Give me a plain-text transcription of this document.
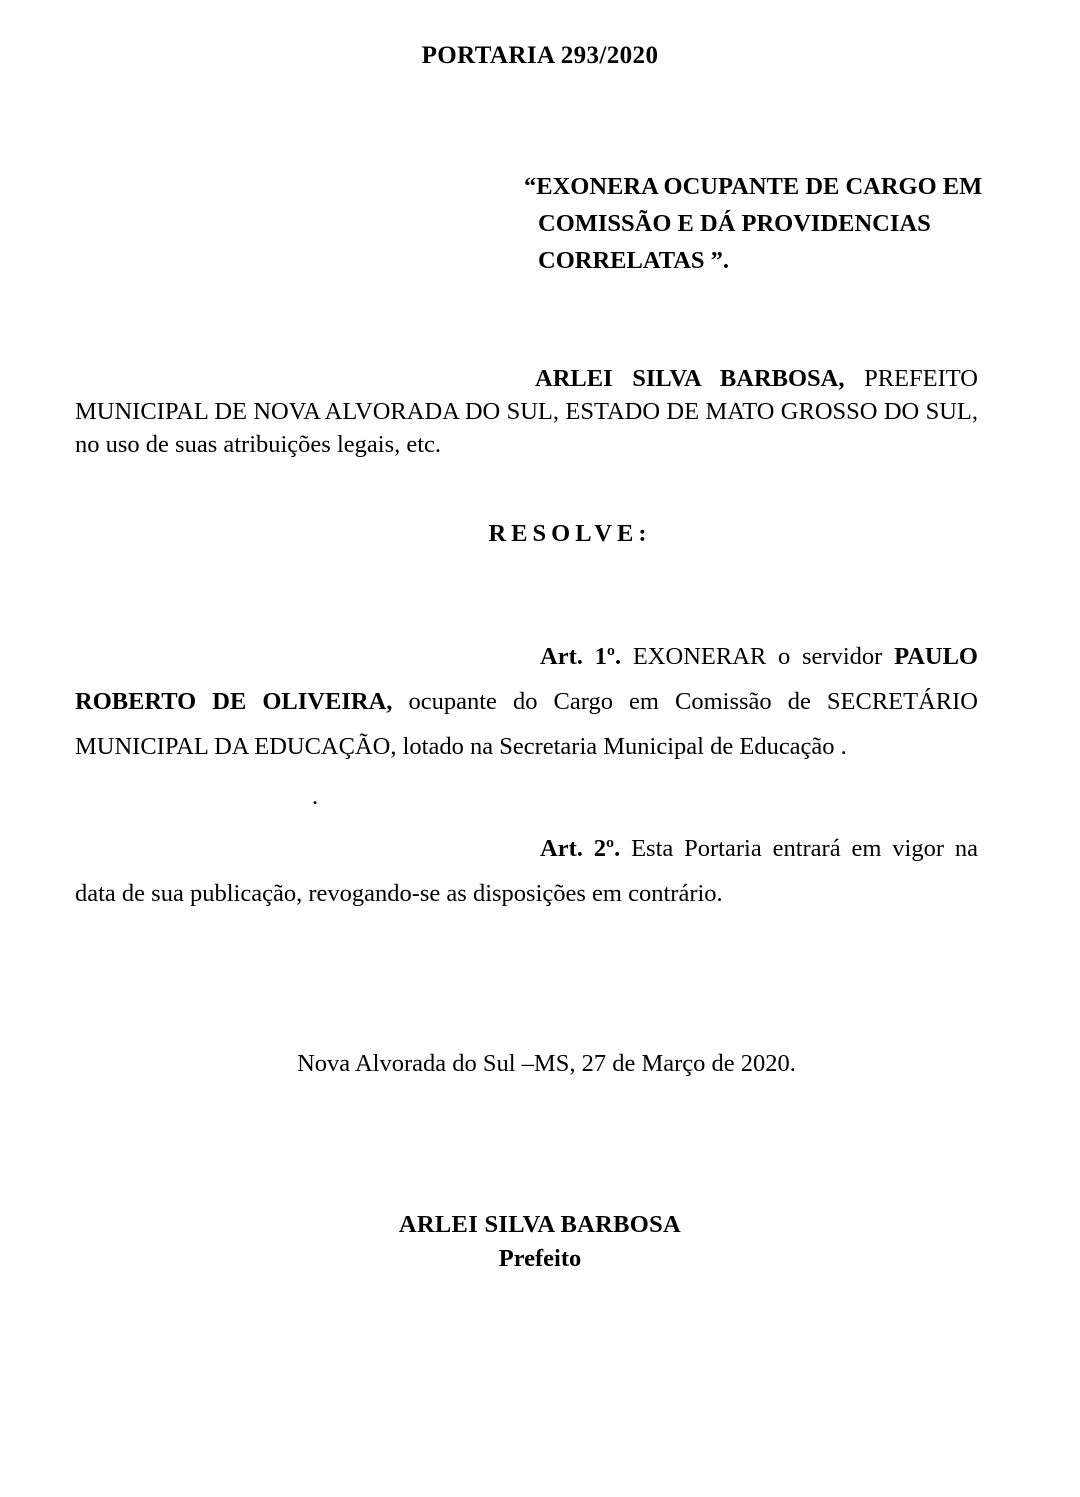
PORTARIA 293/2020
“EXONERA OCUPANTE DE CARGO EM COMISSÃO E DÁ PROVIDENCIAS CORRELATAS ”.
ARLEI SILVA BARBOSA, PREFEITO MUNICIPAL DE NOVA ALVORADA DO SUL, ESTADO DE MATO GROSSO DO SUL, no uso de suas atribuições legais, etc.
RESOLVE:
Art. 1º. EXONERAR o servidor PAULO ROBERTO DE OLIVEIRA, ocupante do Cargo em Comissão de SECRETÁRIO MUNICIPAL DA EDUCAÇÃO, lotado na Secretaria Municipal de Educação .
.
Art. 2º. Esta Portaria entrará em vigor na data de sua publicação, revogando-se as disposições em contrário.
Nova Alvorada do Sul –MS, 27 de Março de 2020.
ARLEI SILVA BARBOSA
Prefeito
